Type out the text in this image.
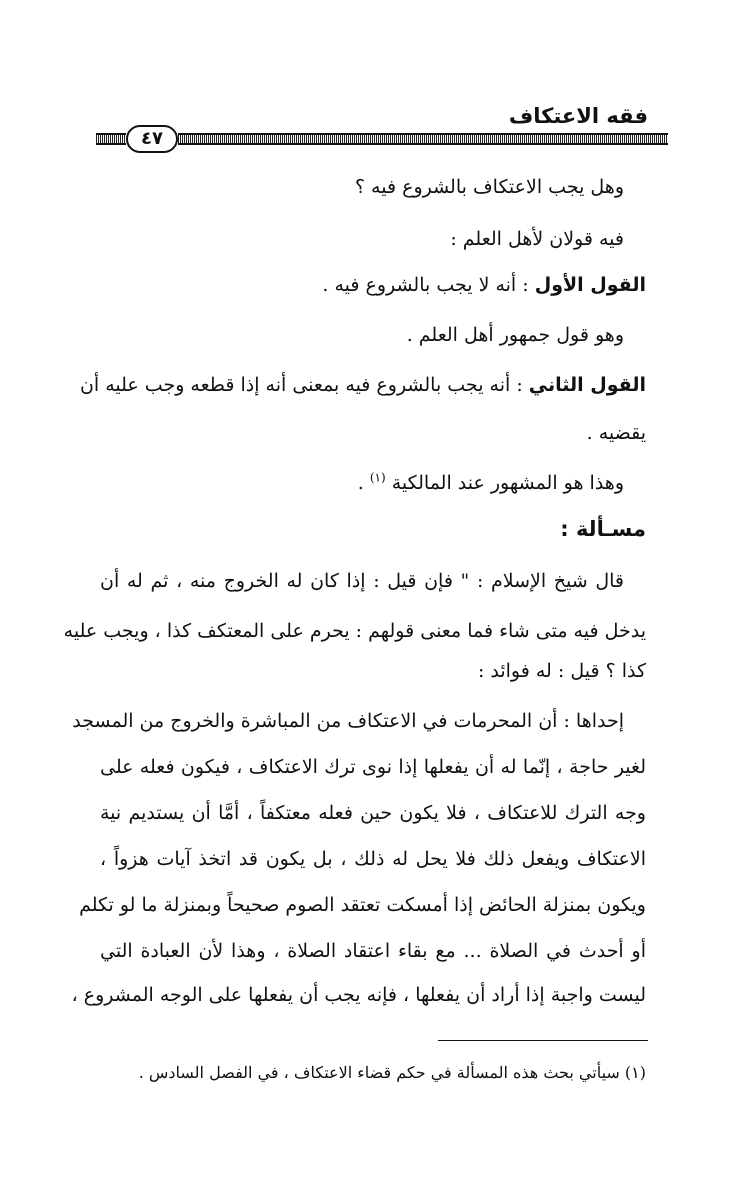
فقه الاعتكاف
٤٧
وهل يجب الاعتكاف بالشروع فيه ؟
فيه قولان لأهل العلم :
القول الأول : أنه لا يجب بالشروع فيه .
وهو قول جمهور أهل العلم .
القول الثاني : أنه يجب بالشروع فيه بمعنى أنه إذا قطعه وجب عليه أن
يقضيه .
وهذا هو المشهور عند المالكية $^{(١)}$ .
مسـألة :
قال شيخ الإسلام : " فإن قيل : إذا كان له الخروج منه ، ثم له أن
يدخل فيه متى شاء فما معنى قولهم : يحرم على المعتكف كذا ، ويجب عليه
كذا ؟ قيل : له فوائد :
إحداها : أن المحرمات في الاعتكاف من المباشرة والخروج من المسجد
لغير حاجة ، إنّما له أن يفعلها إذا نوى ترك الاعتكاف ، فيكون فعله على
وجه الترك للاعتكاف ، فلا يكون حين فعله معتكفاً ، أمَّا أن يستديم نية
الاعتكاف ويفعل ذلك فلا يحل له ذلك ، بل يكون قد اتخذ آيات هزواً ،
ويكون بمنزلة الحائض إذا أمسكت تعتقد الصوم صحيحاً وبمنزلة ما لو تكلم
أو أحدث في الصلاة ... مع بقاء اعتقاد الصلاة ، وهذا لأن العبادة التي
ليست واجبة إذا أراد أن يفعلها ، فإنه يجب أن يفعلها على الوجه المشروع ،
(١) سيأتي بحث هذه المسألة في حكم قضاء الاعتكاف ، في الفصل السادس .
